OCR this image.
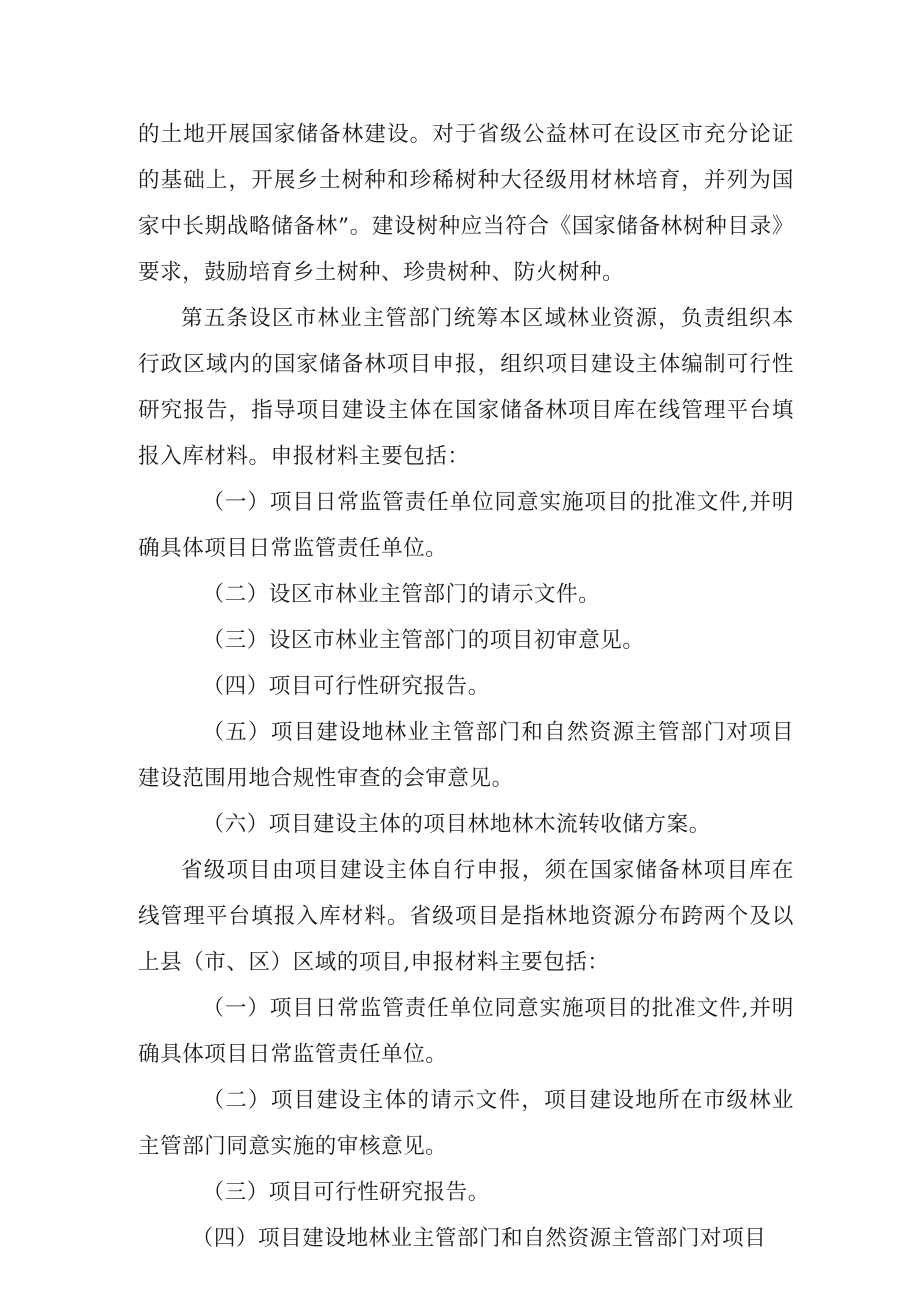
的土地开展国家储备林建设。对于省级公益林可在设区市充分论证的基础上，开展乡土树种和珍稀树种大径级用材林培育，并列为国家中长期战略储备林”。建设树种应当符合《国家储备林树种目录》要求，鼓励培育乡土树种、珍贵树种、防火树种。

第五条设区市林业主管部门统筹本区域林业资源，负责组织本行政区域内的国家储备林项目申报，组织项目建设主体编制可行性研究报告，指导项目建设主体在国家储备林项目库在线管理平台填报入库材料。申报材料主要包括：

（一）项目日常监管责任单位同意实施项目的批准文件,并明确具体项目日常监管责任单位。

（二）设区市林业主管部门的请示文件。

（三）设区市林业主管部门的项目初审意见。

（四）项目可行性研究报告。

（五）项目建设地林业主管部门和自然资源主管部门对项目建设范围用地合规性审查的会审意见。

（六）项目建设主体的项目林地林木流转收储方案。

省级项目由项目建设主体自行申报，须在国家储备林项目库在线管理平台填报入库材料。省级项目是指林地资源分布跨两个及以上县（市、区）区域的项目,申报材料主要包括：

（一）项目日常监管责任单位同意实施项目的批准文件,并明确具体项目日常监管责任单位。

（二）项目建设主体的请示文件，项目建设地所在市级林业主管部门同意实施的审核意见。

（三）项目可行性研究报告。

（四）项目建设地林业主管部门和自然资源主管部门对项目
